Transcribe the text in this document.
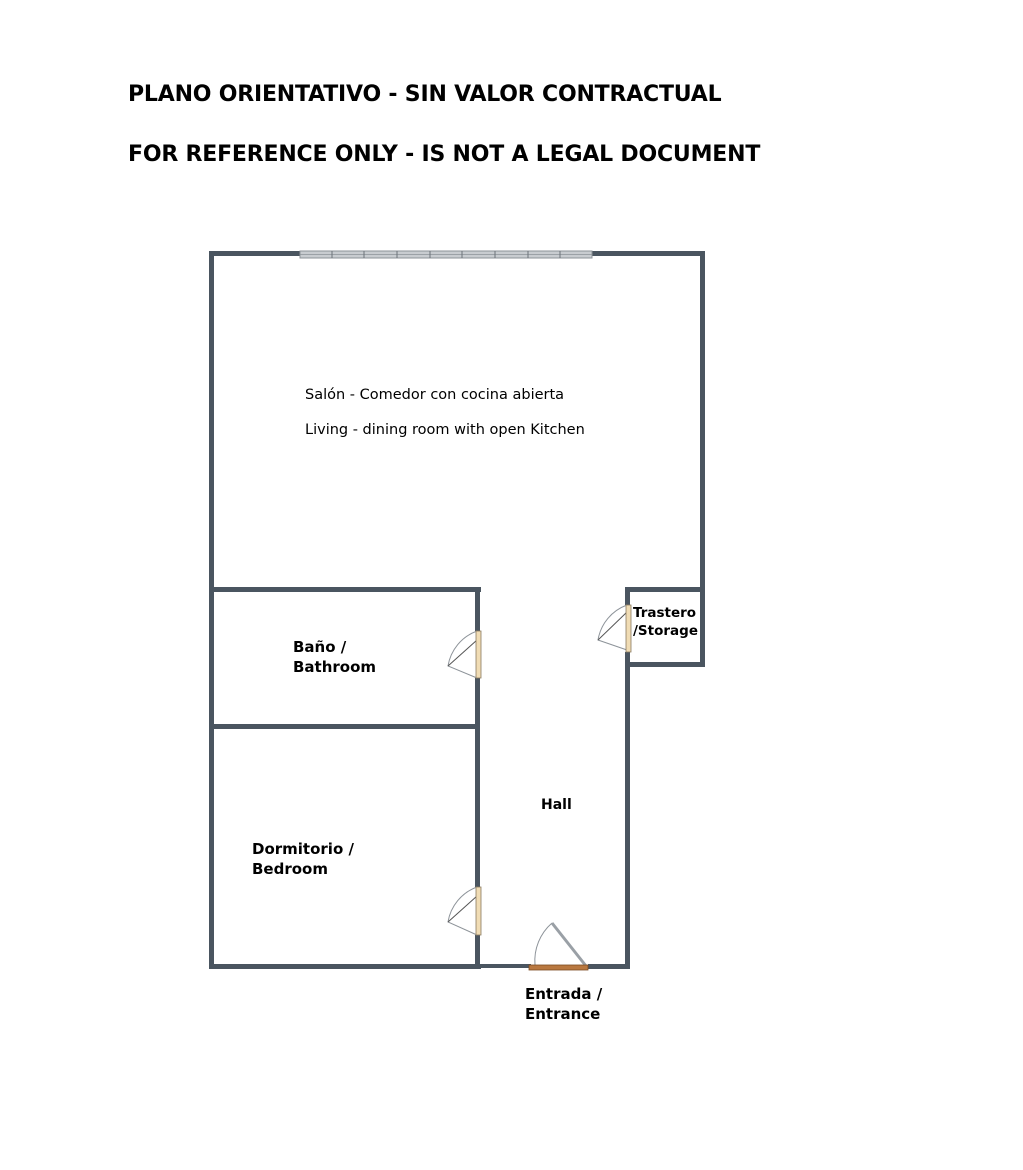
PLANO ORIENTATIVO - SIN VALOR CONTRACTUAL
FOR REFERENCE ONLY - IS NOT A LEGAL DOCUMENT
Salón - Comedor con cocina abierta
Living - dining room with open Kitchen
Trastero
/Storage
Baño /
Bathroom
Hall
Dormitorio /
Bedroom
Entrada /
Entrance
